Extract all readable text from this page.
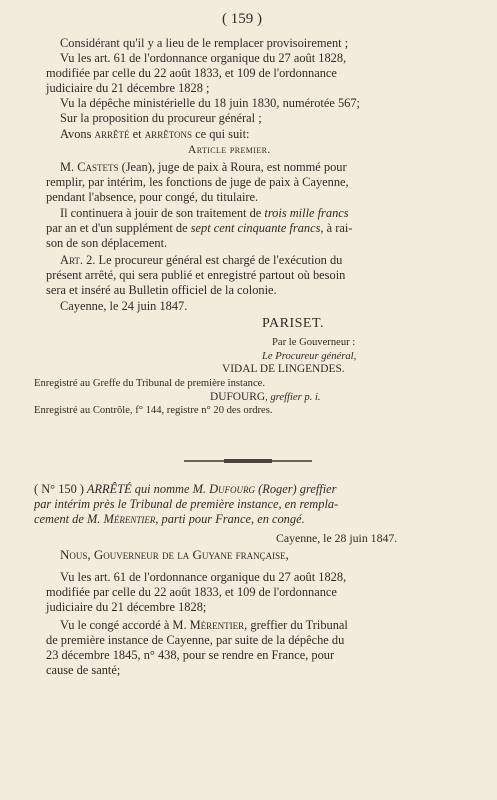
( 159 )
Considérant qu'il y a lieu de le remplacer provisoirement ;
Vu les art. 61 de l'ordonnance organique du 27 août 1828,
modifiée par celle du 22 août 1833, et 109 de l'ordonnance
judiciaire du 21 décembre 1828 ;
Vu la dépêche ministérielle du 18 juin 1830, numérotée 567;
Sur la proposition du procureur général ;
Avons arrêté et arrêtons ce qui suit:
Article premier.
M. Castets (Jean), juge de paix à Roura, est nommé pour
remplir, par intérim, les fonctions de juge de paix à Cayenne,
pendant l'absence, pour congé, du titulaire.
Il continuera à jouir de son traitement de trois mille francs
par an et d'un supplément de sept cent cinquante francs, à rai-
son de son déplacement.
Art. 2. Le procureur général est chargé de l'exécution du
présent arrêté, qui sera publié et enregistré partout où besoin
sera et inséré au Bulletin officiel de la colonie.
Cayenne, le 24 juin 1847.
PARISET.
Par le Gouverneur :
Le Procureur général,
VIDAL DE LINGENDES.
Enregistré au Greffe du Tribunal de première instance.
DUFOURG, greffier p. i.
Enregistré au Contrôle, f° 144, registre n° 20 des ordres.
( N° 150 ) ARRÊTÉ qui nomme M. Dufourg (Roger) greffier
par intérim près le Tribunal de première instance, en rempla-
cement de M. Mérentier, parti pour France, en congé.
Cayenne, le 28 juin 1847.
Nous, Gouverneur de la Guyane française,
Vu les art. 61 de l'ordonnance organique du 27 août 1828,
modifiée par celle du 22 août 1833, et 109 de l'ordonnance
judiciaire du 21 décembre 1828;
Vu le congé accordé à M. Mérentier, greffier du Tribunal
de première instance de Cayenne, par suite de la dépêche du
23 décembre 1845, n° 438, pour se rendre en France, pour
cause de santé;
